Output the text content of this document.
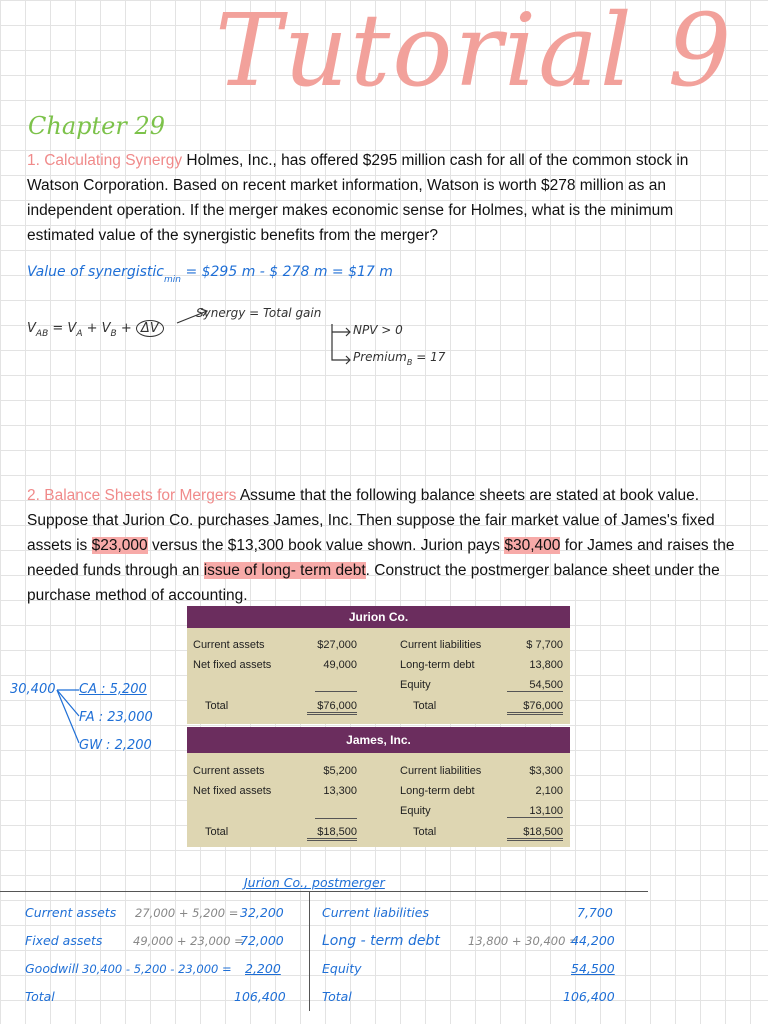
Tutorial 9
Chapter 29
1. Calculating Synergy Holmes, Inc., has offered $295 million cash for all of the common stock in Watson Corporation. Based on recent market information, Watson is worth $278 million as an independent operation. If the merger makes economic sense for Holmes, what is the minimum estimated value of the synergistic benefits from the merger?
Value of synergistic$_{min}$ = $295 m - $ 278 m = $17 m
$V_{AB} = V_A + V_B + \Delta V$
Synergy = Total gain
NPV > 0
Premium$_B$ = 17
2. Balance Sheets for Mergers Assume that the following balance sheets are stated at book value. Suppose that Jurion Co. purchases James, Inc. Then suppose the fair market value of James's fixed assets is $23,000 versus the $13,300 book value shown. Jurion pays $30,400 for James and raises the needed funds through an issue of long- term debt. Construct the postmerger balance sheet under the purchase method of accounting.
30,400 CA : 5,200
FA : 23,000
GW : 2,200
Jurion Co.
Current assets	$27,000
Net fixed assets	49,000
Total	$76,000
Current liabilities	$ 7,700
Long-term debt	13,800
Equity	54,500
Total	$76,000
James, Inc.
Current assets	$5,200
Net fixed assets	13,300
Total	$18,500
Current liabilities	$3,300
Long-term debt	2,100
Equity	13,100
Total	$18,500
Jurion Co., postmerger
Current assets 27,000 + 5,200 = 32,200
Fixed assets	49,000 + 23,000 =
72,000
Goodwill 30,400 - 5,200 - 23,000 = 2,200
Total	106,400
Current liabilities	7,700
Long - term debt 13,800 + 30,400 =
44,200
Equity	54,500
Total	106,400
